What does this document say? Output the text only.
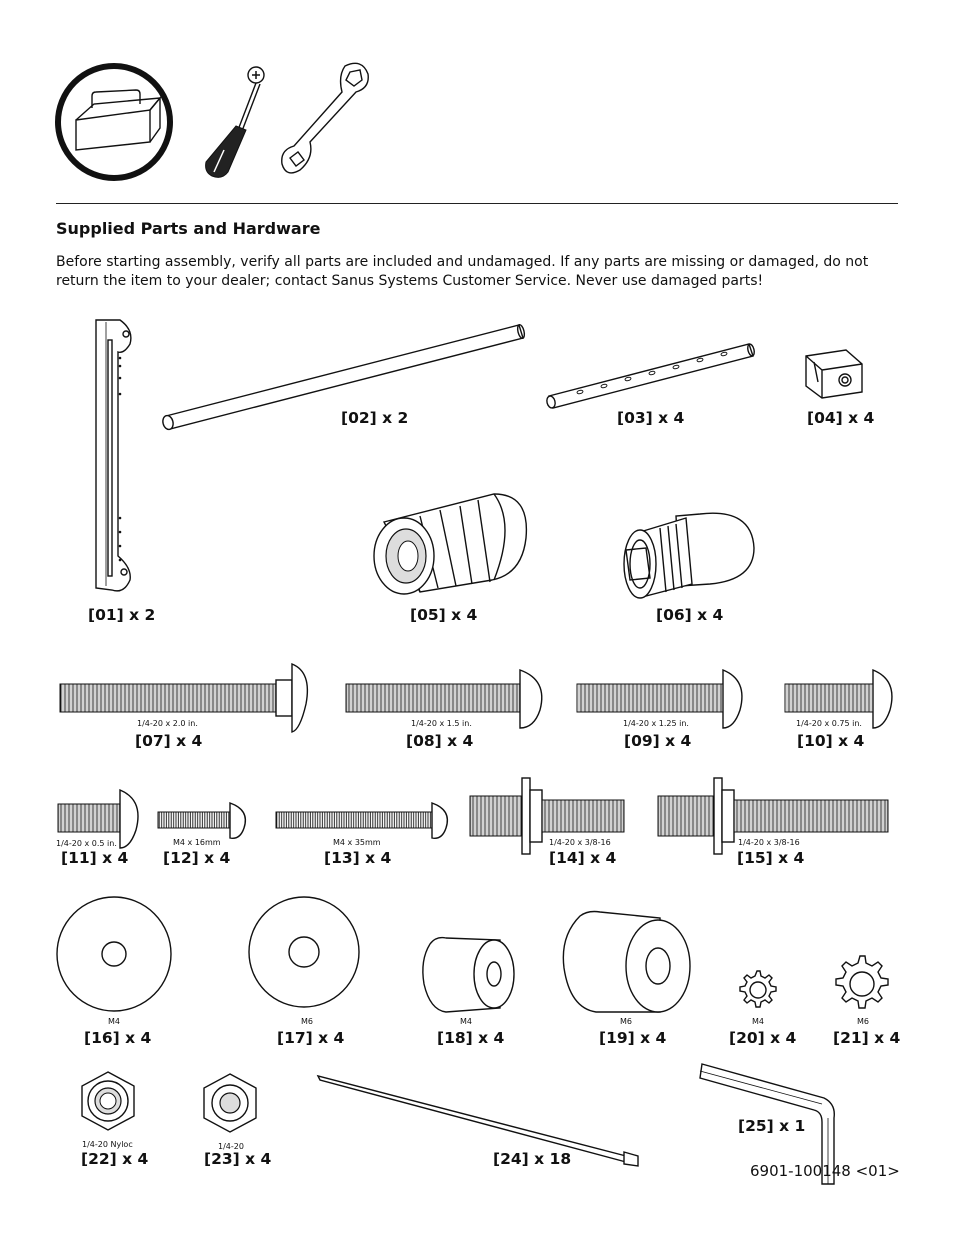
Supplied Parts and Hardware
Before starting assembly, verify all parts are included and undamaged. If any parts are missing or damaged, do not return the item to your dealer; contact Sanus Systems Customer Service. Never use damaged parts!
[01] x 2
[02] x 2	[03] x 4	[04] x 4
[05] x 4	[06] x 4
1/4-20 x 2.0 in.
[07] x 4
1/4-20 x 1.5 in.
[08] x 4
1/4-20 x 1.25 in.
[09] x 4
1/4-20 x 0.75 in.
[10] x 4
1/4-20 x 0.5 in.
[11] x 4
M4 x 16mm
[12] x 4
M4 x 35mm
[13] x 4
1/4-20 x 3/8-16
[14] x 4
1/4-20 x 3/8-16
[15] x 4
M4
[16] x 4
M6
[17] x 4
M4
[18] x 4
M6
[19] x 4
M4
[20] x 4
M6
[21] x 4
1/4-20 Nyloc
[22] x 4
1/4-20
[23] x 4	[24] x 18
[25] x 1
6901-100148 <01>
